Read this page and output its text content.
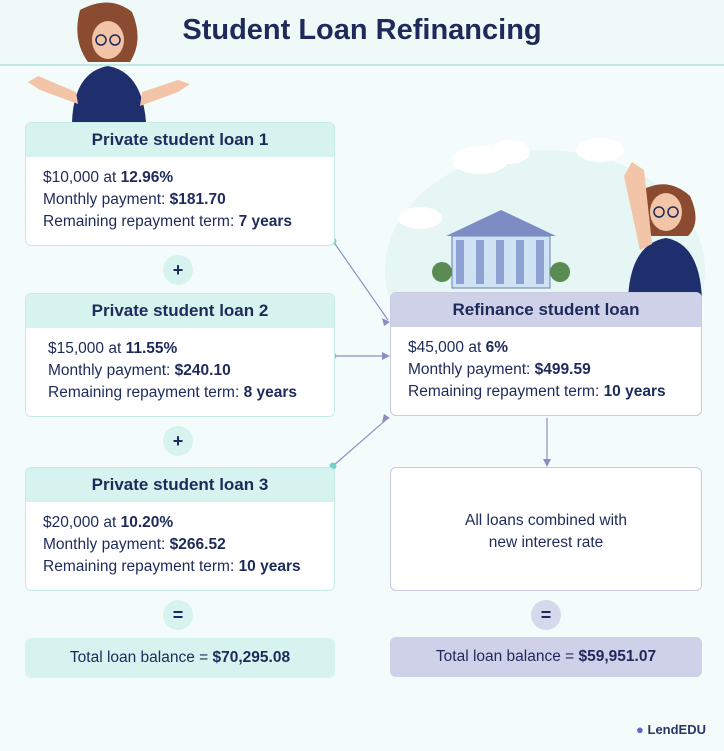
Student Loan Refinancing
Private student loan 1
$10,000 at 12.96%
Monthly payment: $181.70
Remaining repayment term: 7 years
+
Private student loan 2
$15,000 at 11.55%
Monthly payment: $240.10
Remaining repayment term: 8 years
+
Private student loan 3
$20,000 at 10.20%
Monthly payment: $266.52
Remaining repayment term: 10 years
=
Total loan balance = $70,295.08
Refinance student loan
$45,000 at 6%
Monthly payment: $499.59
Remaining repayment term: 10 years
All loans combined with
new interest rate
=
Total loan balance = $59,951.07
● LendEDU
